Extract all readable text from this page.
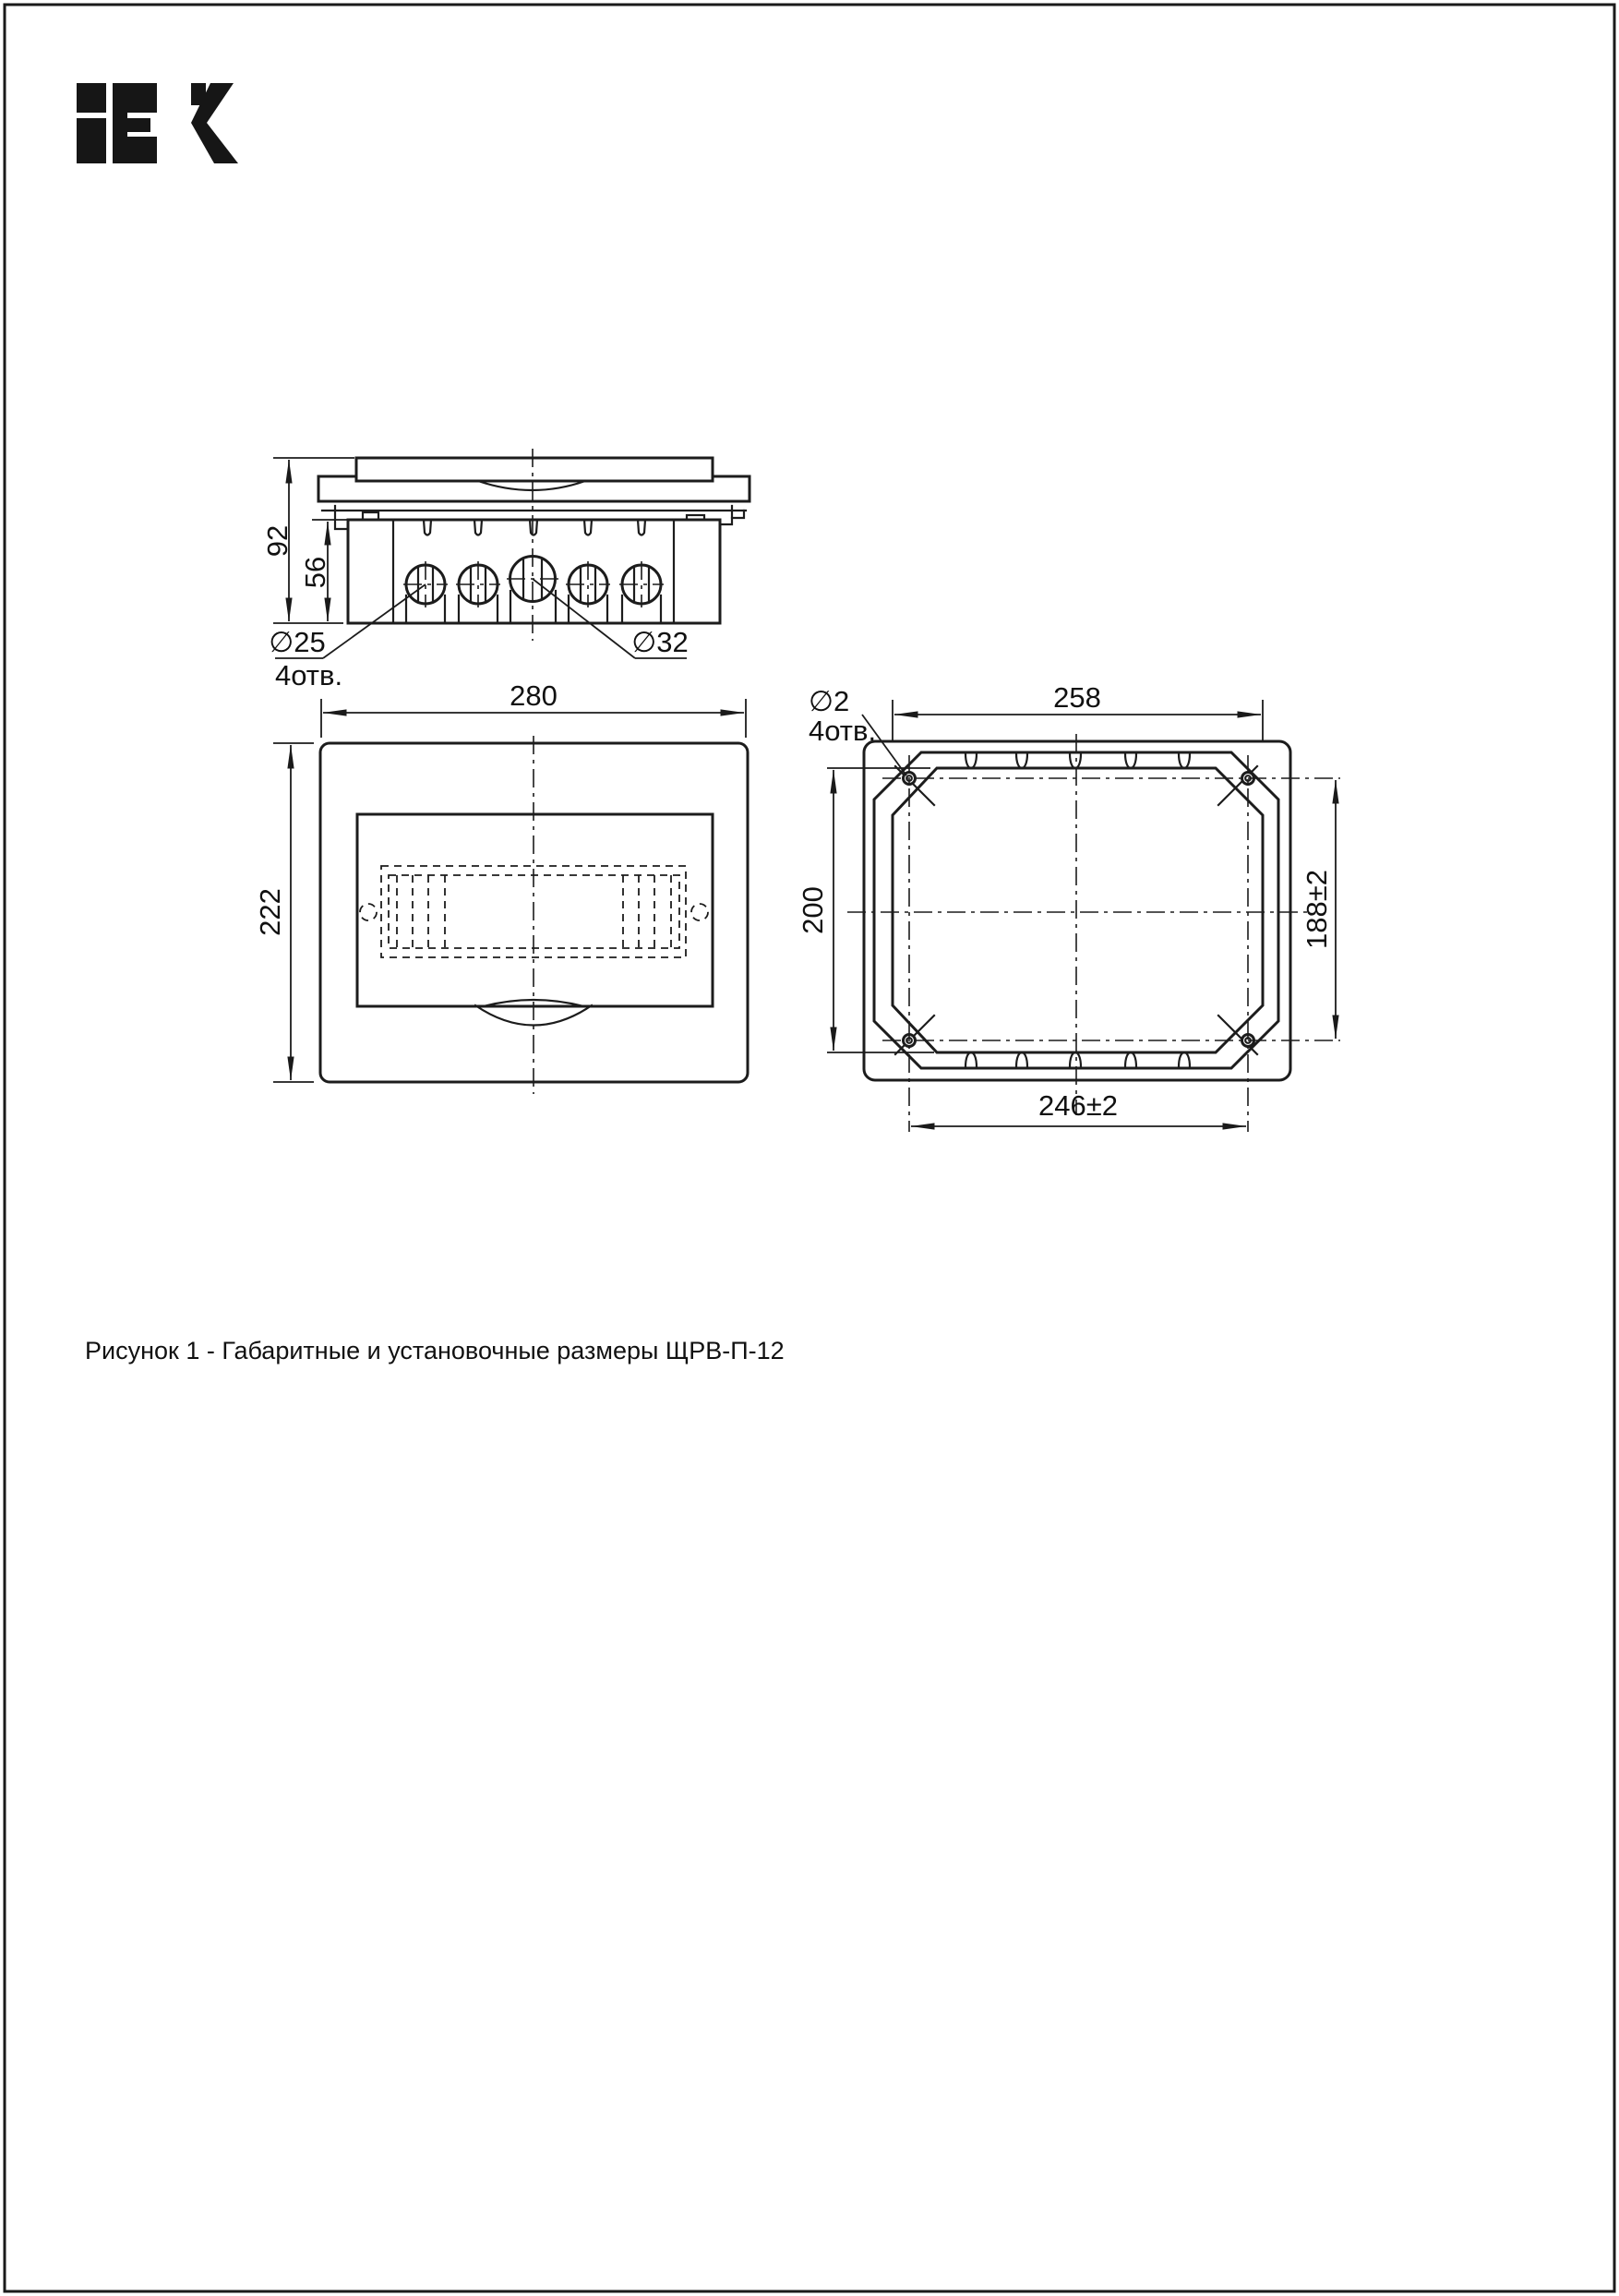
92
56
∅25
4отв.
∅32
280
222
∅2
4отв.
258
200	188±2
246±2
Рисунок 1 - Габаритные и установочные размеры ЩРВ-П-12
